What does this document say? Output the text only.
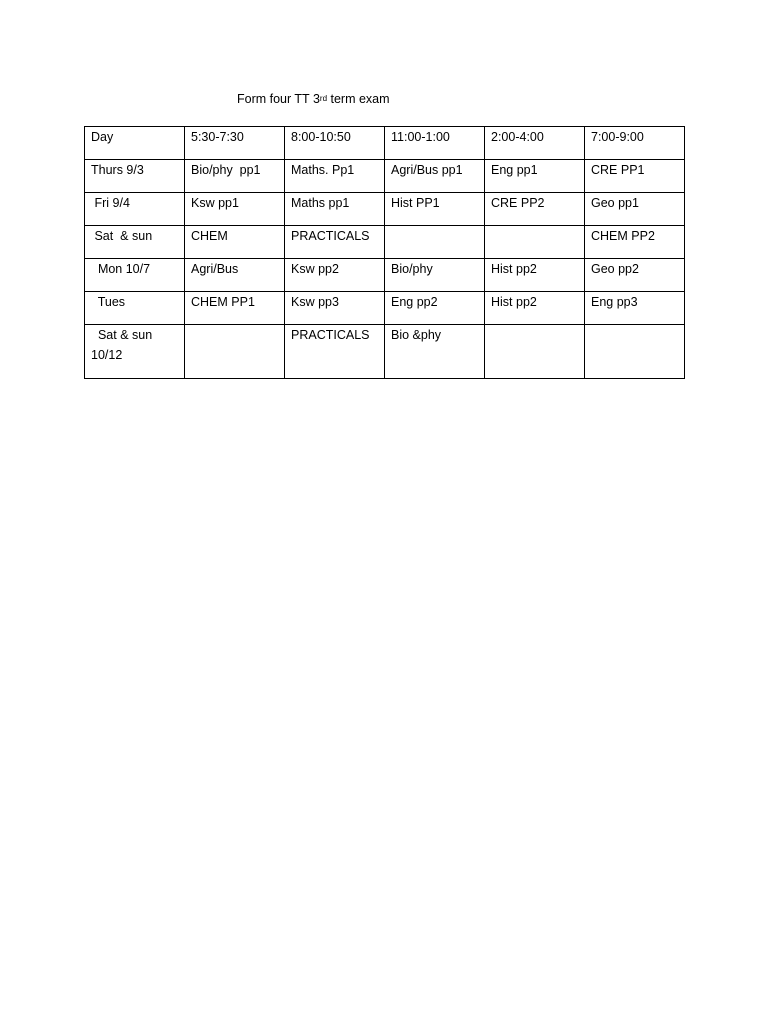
Form four TT 3rd term exam
Day	5:30-7:30	8:00-10:50	11:00-1:00	2:00-4:00	7:00-9:00
Thurs 9/3	Bio/phy  pp1	Maths. Pp1	Agri/Bus pp1	Eng pp1	CRE PP1
Fri 9/4	Ksw pp1	Maths pp1	Hist PP1	CRE PP2	Geo pp1
Sat  & sun	CHEM	PRACTICALS			CHEM PP2
Mon 10/7	Agri/Bus	Ksw pp2	Bio/phy	Hist pp2	Geo pp2
Tues	CHEM PP1	Ksw pp3	Eng pp2	Hist pp2	Eng pp3
Sat & sun
10/12		PRACTICALS	Bio &phy		
